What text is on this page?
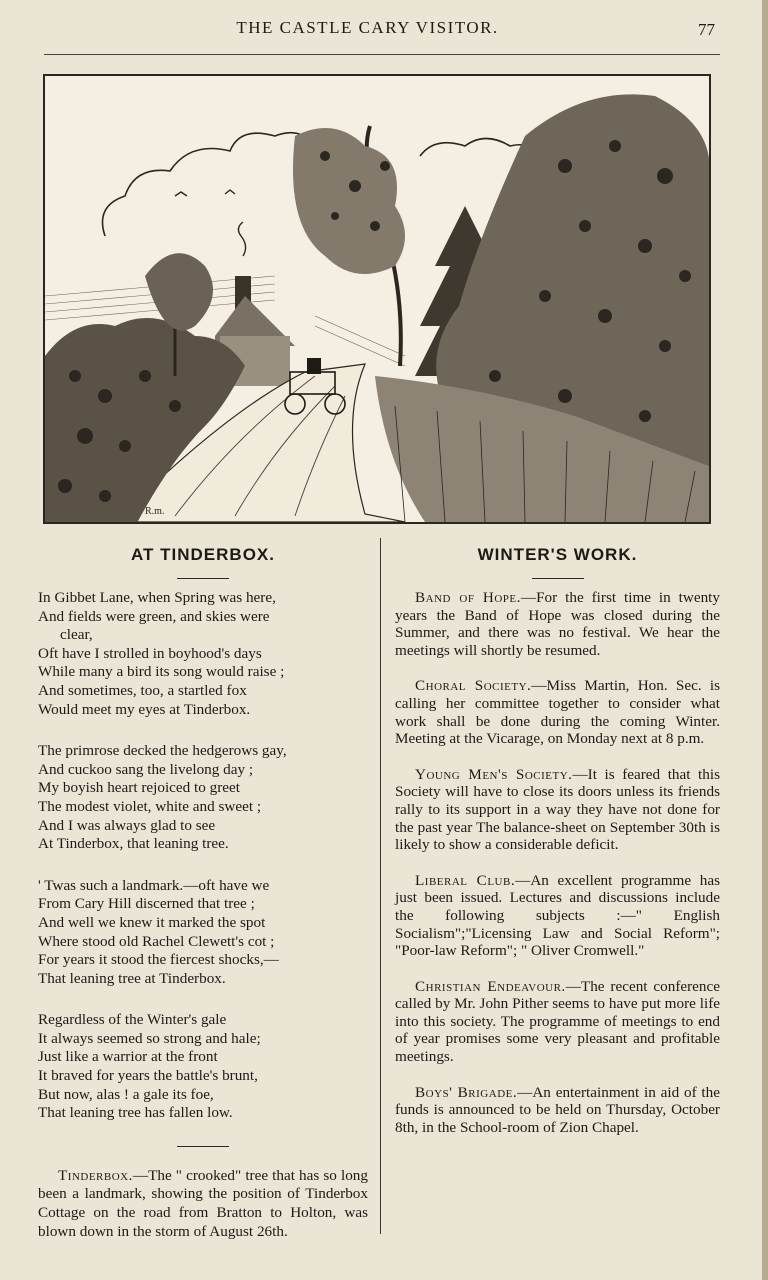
THE CASTLE CARY VISITOR.	77
R.m.
AT TINDERBOX.
In Gibbet Lane, when Spring was here,
And fields were green, and skies were
clear,
Oft have I strolled in boyhood's days
While many a bird its song would raise ;
And sometimes, too, a startled fox
Would meet my eyes at Tinderbox.
The primrose decked the hedgerows gay,
And cuckoo sang the livelong day ;
My boyish heart rejoiced to greet
The modest violet, white and sweet ;
And I was always glad to see
At Tinderbox, that leaning tree.
' Twas such a landmark.—oft have we
From Cary Hill discerned that tree ;
And well we knew it marked the spot
Where stood old Rachel Clewett's cot ;
For years it stood the fiercest shocks,—
That leaning tree at Tinderbox.
Regardless of the Winter's gale
It always seemed so strong and hale;
Just like a warrior at the front
It braved for years the battle's brunt,
But now, alas ! a gale its foe,
That leaning tree has fallen low.
Tinderbox.—The " crooked" tree that has so long been a landmark, showing the position of Tinderbox Cottage on the road from Bratton to Holton, was blown down in the storm of August 26th.
WINTER'S WORK.

Band of Hope.—For the first time in twenty years the Band of Hope was closed during the Summer, and there was no festival. We hear the meetings will shortly be resumed.

Choral Society.—Miss Martin, Hon. Sec. is calling her committee together to consider what work shall be done during the coming Winter. Meeting at the Vicarage, on Monday next at 8 p.m.

Young Men's Society.—It is feared that this Society will have to close its doors unless its friends rally to its support in a way they have not done for the past year The balance-sheet on September 30th is likely to show a considerable deficit.

Liberal Club.—An excellent programme has just been issued. Lectures and discussions include the following subjects :—" English Socialism";"Licensing Law and Social Reform"; "Poor-law Reform"; " Oliver Cromwell."

Christian Endeavour.—The recent conference called by Mr. John Pither seems to have put more life into this society. The programme of meetings to end of year promises some very pleasant and profitable meetings.

Boys' Brigade.—An entertainment in aid of the funds is announced to be held on Thursday, October 8th, in the School-room of Zion Chapel.
